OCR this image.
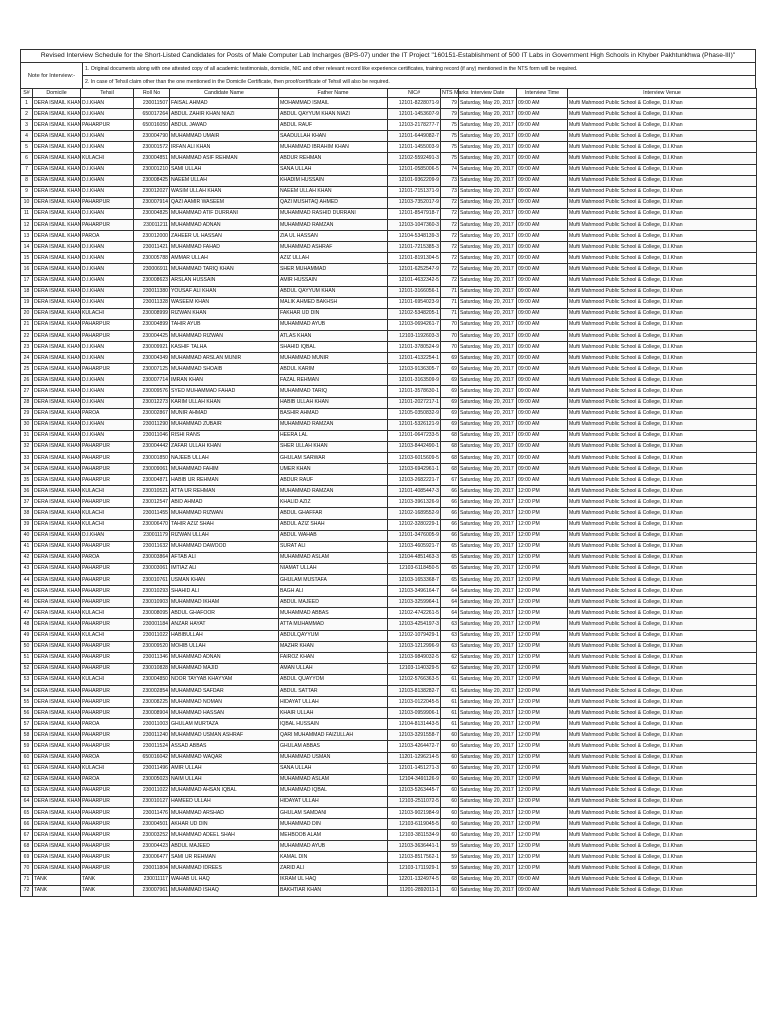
Revised Interview Schedule for the Short-Listed Candidates for Posts of Male Computer Lab Incharges (BPS-07) under the IT Project "160151-Establishment of 500 IT Labs in Government High Schools in Khyber Pakhtunkhwa (Phase-III)"
Note for Interview:-
1. Original documents along with one attested copy of all academic testimonials, domicile, NIC and other relevant record like experience certificates, training record (if any) mentioned in the NTS form will be required.
2. In case of Tehsil claim other than the one mentioned in the Domicile Certificate, then proof/certificate of Tehsil will also be required.
S#	Domicile	Tehsil	Roll No	Candidate Name	Father Name	NIC#	NTS Marks	Interview Date	Interview Time	Interview Venue
1	DERA ISMAIL KHAN	D.I.KHAN	230011507	FAISAL AHMAD	MOHAMMAD ISMAIL	12101-8228071-9	79	Saturday, May 20, 2017	09:00 AM	Mufti Mahmood Public School & College, D.I.Khan
2	DERA ISMAIL KHAN	D.I.KHAN	650017264	ABDUL ZAHIR KHAN NIAZI	ABDUL QAYYUM KHAN NIAZI	12101-1453607-9	79	Saturday, May 20, 2017	09:00 AM	Mufti Mahmood Public School & College, D.I.Khan
3	DERA ISMAIL KHAN	PAHARPUR	650016050	ABDUL JAWAD	ABDUL RAUF	12103-2178277-7	75	Saturday, May 20, 2017	09:00 AM	Mufti Mahmood Public School & College, D.I.Khan
4	DERA ISMAIL KHAN	D.I.KHAN	230004790	MUHAMMAD UMAIR	SAADULLAH KHAN	12101-6449082-7	75	Saturday, May 20, 2017	09:00 AM	Mufti Mahmood Public School & College, D.I.Khan
5	DERA ISMAIL KHAN	D.I.KHAN	230001572	IRFAN ALI KHAN	MUHAMMAD IBRAHIM KHAN	12101-1455003-9	75	Saturday, May 20, 2017	09:00 AM	Mufti Mahmood Public School & College, D.I.Khan
6	DERA ISMAIL KHAN	KULACHI	230004851	MUHAMMAD ASIF REHMAN	ABDUR REHMAN	12102-5592491-3	75	Saturday, May 20, 2017	09:00 AM	Mufti Mahmood Public School & College, D.I.Khan
7	DERA ISMAIL KHAN	D.I.KHAN	230001210	SAMI ULLAH	SANA ULLAH	12101-0585006-5	74	Saturday, May 20, 2017	09:00 AM	Mufti Mahmood Public School & College, D.I.Khan
8	DERA ISMAIL KHAN	D.I.KHAN	230008425	NAEEM ULLAH	KHADIM HUSSAIN	12101-9362209-9	73	Saturday, May 20, 2017	09:00 AM	Mufti Mahmood Public School & College, D.I.Khan
9	DERA ISMAIL KHAN	D.I.KHAN	230012027	WASIM ULLAH KHAN	NAEEM ULLAH KHAN	12101-7151371-9	73	Saturday, May 20, 2017	09:00 AM	Mufti Mahmood Public School & College, D.I.Khan
10	DERA ISMAIL KHAN	PAHARPUR	230007914	QAZI AAMIR WASEEM	QAZI MUSHTAQ AHMED	12103-7352017-9	72	Saturday, May 20, 2017	09:00 AM	Mufti Mahmood Public School & College, D.I.Khan
11	DERA ISMAIL KHAN	D.I.KHAN	230004825	MUHAMMAD ATIF DURRANI	MUHAMMAD RASHID DURRANI	12101-8547918-7	72	Saturday, May 20, 2017	09:00 AM	Mufti Mahmood Public School & College, D.I.Khan
12	DERA ISMAIL KHAN	PAHARPUR	230011211	MUHAMMAD ADNAN	MUHAMMAD RAMZAN	12103-1047360-3	72	Saturday, May 20, 2017	09:00 AM	Mufti Mahmood Public School & College, D.I.Khan
13	DERA ISMAIL KHAN	PAROA	230012000	ZAHEER UL HASSAN	ZIA UL HASSAN	12104-5348139-3	72	Saturday, May 20, 2017	09:00 AM	Mufti Mahmood Public School & College, D.I.Khan
14	DERA ISMAIL KHAN	D.I.KHAN	230011421	MUHAMMAD FAHAD	MUHAMMAD ASHRAF	12101-7215385-3	72	Saturday, May 20, 2017	09:00 AM	Mufti Mahmood Public School & College, D.I.Khan
15	DERA ISMAIL KHAN	D.I.KHAN	230005788	AMMAR ULLAH	AZIZ ULLAH	12101-8191304-5	72	Saturday, May 20, 2017	09:00 AM	Mufti Mahmood Public School & College, D.I.Khan
16	DERA ISMAIL KHAN	D.I.KHAN	230006911	MUHAMMAD TARIQ KHAN	SHER MUHAMMAD	12101-6252547-9	72	Saturday, May 20, 2017	09:00 AM	Mufti Mahmood Public School & College, D.I.Khan
17	DERA ISMAIL KHAN	D.I.KHAN	230008623	ARSLAN HUSSAIN	AMIR HUSSAIN	12101-4632342-5	72	Saturday, May 20, 2017	09:00 AM	Mufti Mahmood Public School & College, D.I.Khan
18	DERA ISMAIL KHAN	D.I.KHAN	230011380	YOUSAF ALI KHAN	ABDUL QAYYUM KHAN	12101-3166056-1	71	Saturday, May 20, 2017	09:00 AM	Mufti Mahmood Public School & College, D.I.Khan
19	DERA ISMAIL KHAN	D.I.KHAN	230011328	WASEEM KHAN	MALIK AHMED BAKHSH	12101-6954023-9	71	Saturday, May 20, 2017	09:00 AM	Mufti Mahmood Public School & College, D.I.Khan
20	DERA ISMAIL KHAN	KULACHI	230008999	RIZWAN KHAN	FAKHAR UD DIN	12102-5348205-1	71	Saturday, May 20, 2017	09:00 AM	Mufti Mahmood Public School & College, D.I.Khan
21	DERA ISMAIL KHAN	PAHARPUR	230004899	TAHIR AYUB	MUHAMMAD AYUB	12103-0694261-7	70	Saturday, May 20, 2017	09:00 AM	Mufti Mahmood Public School & College, D.I.Khan
22	DERA ISMAIL KHAN	PAHARPUR	230004425	MUHAMMAD RIZWAN	ATLAS KHAN	12103-1192603-3	70	Saturday, May 20, 2017	09:00 AM	Mufti Mahmood Public School & College, D.I.Khan
23	DERA ISMAIL KHAN	D.I.KHAN	230009921	KASHIF TALHA	SHAHID IQBAL	12101-3780524-9	70	Saturday, May 20, 2017	09:00 AM	Mufti Mahmood Public School & College, D.I.Khan
24	DERA ISMAIL KHAN	D.I.KHAN	230004349	MUHAMMAD ARSLAN MUNIR	MUHAMMAD MUNIR	12101-4132254-1	69	Saturday, May 20, 2017	09:00 AM	Mufti Mahmood Public School & College, D.I.Khan
25	DERA ISMAIL KHAN	PAHARPUR	230007125	MUHAMMAD SHOAIB	ABDUL KARIM	12103-9136305-7	69	Saturday, May 20, 2017	09:00 AM	Mufti Mahmood Public School & College, D.I.Khan
26	DERA ISMAIL KHAN	D.I.KHAN	230007714	IMRAN KHAN	FAZAL REHMAN	12101-3163509-9	69	Saturday, May 20, 2017	09:00 AM	Mufti Mahmood Public School & College, D.I.Khan
27	DERA ISMAIL KHAN	D.I.KHAN	230009576	SYED MUHAMMAD FAHAD	MUHAMMAD TARIQ	12101-3578630-1	69	Saturday, May 20, 2017	09:00 AM	Mufti Mahmood Public School & College, D.I.Khan
28	DERA ISMAIL KHAN	D.I.KHAN	230012273	KARIM ULLAH KHAN	HABIB ULLAH KHAN	12101-2027217-1	69	Saturday, May 20, 2017	09:00 AM	Mufti Mahmood Public School & College, D.I.Khan
29	DERA ISMAIL KHAN	PAROA	230002867	MUNIR AHMAD	BASHIR AHMAD	12105-0350832-9	69	Saturday, May 20, 2017	09:00 AM	Mufti Mahmood Public School & College, D.I.Khan
30	DERA ISMAIL KHAN	D.I.KHAN	230011290	MUHAMMAD ZUBAIR	MUHAMMAD RAMZAN	12101-5326121-9	69	Saturday, May 20, 2017	09:00 AM	Mufti Mahmood Public School & College, D.I.Khan
31	DERA ISMAIL KHAN	D.I.KHAN	230011046	RISHI RANS	HEERA LAL	12101-0647233-5	68	Saturday, May 20, 2017	09:00 AM	Mufti Mahmood Public School & College, D.I.Khan
32	DERA ISMAIL KHAN	PAHARPUR	230004442	ZAFAR ULLAH KHAN	SHER ULLAH KHAN	12103-8442490-1	68	Saturday, May 20, 2017	09:00 AM	Mufti Mahmood Public School & College, D.I.Khan
33	DERA ISMAIL KHAN	PAHARPUR	230001850	NAJEEB ULLAH	GHULAM SARWAR	12103-6015609-5	68	Saturday, May 20, 2017	09:00 AM	Mufti Mahmood Public School & College, D.I.Khan
34	DERA ISMAIL KHAN	PAHARPUR	230009061	MUHAMMAD FAHIM	UMER KHAN	12103-6942961-1	68	Saturday, May 20, 2017	09:00 AM	Mufti Mahmood Public School & College, D.I.Khan
35	DERA ISMAIL KHAN	PAHARPUR	230004871	HABIB UR REHMAN	ABDUR RAUF	12103-2682221-7	67	Saturday, May 20, 2017	09:00 AM	Mufti Mahmood Public School & College, D.I.Khan
36	DERA ISMAIL KHAN	KULACHI	230010521	ATTA UR REHMAN	MUHAMMAD RAMZAN	12101-4085447-3	66	Saturday, May 20, 2017	12:00 PM	Mufti Mahmood Public School & College, D.I.Khan
37	DERA ISMAIL KHAN	PAHARPUR	230012547	ABID AHMAD	KHALID AZIZ	12103-3961326-9	66	Saturday, May 20, 2017	12:00 PM	Mufti Mahmood Public School & College, D.I.Khan
38	DERA ISMAIL KHAN	KULACHI	230011455	MUHAMMAD RIZWAN	ABDUL GHAFFAR	12102-1689552-9	66	Saturday, May 20, 2017	12:00 PM	Mufti Mahmood Public School & College, D.I.Khan
39	DERA ISMAIL KHAN	KULACHI	230006470	TAHIR AZIZ SHAH	ABDUL AZIZ SHAH	12102-3280229-1	66	Saturday, May 20, 2017	12:00 PM	Mufti Mahmood Public School & College, D.I.Khan
40	DERA ISMAIL KHAN	D.I.KHAN	230011179	RIZWAN ULLAH	ABDUL WAHAB	12101-3476005-9	66	Saturday, May 20, 2017	12:00 PM	Mufti Mahmood Public School & College, D.I.Khan
41	DERA ISMAIL KHAN	PAHARPUR	230011632	MUHAMMAD DAWOOD	SURAT ALI	12103-4605921-7	65	Saturday, May 20, 2017	12:00 PM	Mufti Mahmood Public School & College, D.I.Khan
42	DERA ISMAIL KHAN	PAROA	230003864	AFTAB ALI	MUHAMMAD ASLAM	12104-4851463-3	65	Saturday, May 20, 2017	12:00 PM	Mufti Mahmood Public School & College, D.I.Khan
43	DERA ISMAIL KHAN	PAHARPUR	230003061	IMTIAZ ALI	NIAMAT ULLAH	12103-6118450-5	65	Saturday, May 20, 2017	12:00 PM	Mufti Mahmood Public School & College, D.I.Khan
44	DERA ISMAIL KHAN	PAHARPUR	230010761	USMAN KHAN	GHULAM MUSTAFA	12103-1653368-7	65	Saturday, May 20, 2017	12:00 PM	Mufti Mahmood Public School & College, D.I.Khan
45	DERA ISMAIL KHAN	PAHARPUR	230010293	SHAHID ALI	BAGH ALI	12103-3496164-7	64	Saturday, May 20, 2017	12:00 PM	Mufti Mahmood Public School & College, D.I.Khan
46	DERA ISMAIL KHAN	PAHARPUR	230010903	MUHAMMAD IKHAM	ABDUL MAJEED	12103-3259964-1	64	Saturday, May 20, 2017	12:00 PM	Mufti Mahmood Public School & College, D.I.Khan
47	DERA ISMAIL KHAN	KULACHI	230008095	ABDUL GHAFOOR	MUHAMMAD ABBAS	12102-4742261-5	64	Saturday, May 20, 2017	12:00 PM	Mufti Mahmood Public School & College, D.I.Khan
48	DERA ISMAIL KHAN	PAHARPUR	230001184	ANZAR HAYAT	ATTA MUHAMMAD	12103-4254197-3	63	Saturday, May 20, 2017	12:00 PM	Mufti Mahmood Public School & College, D.I.Khan
49	DERA ISMAIL KHAN	KULACHI	230011022	HABIBULLAH	ABDULQAYYUM	12102-1079429-1	63	Saturday, May 20, 2017	12:00 PM	Mufti Mahmood Public School & College, D.I.Khan
50	DERA ISMAIL KHAN	PAHARPUR	230009520	MOHIB ULLAH	MAZHR KHAN	12103-1212996-9	63	Saturday, May 20, 2017	12:00 PM	Mufti Mahmood Public School & College, D.I.Khan
51	DERA ISMAIL KHAN	PAHARPUR	230011346	MUHAMMAD ADNAN	FAIROZ KHAN	12103-9849032-5	62	Saturday, May 20, 2017	12:00 PM	Mufti Mahmood Public School & College, D.I.Khan
52	DERA ISMAIL KHAN	PAHARPUR	230010828	MUHAMMAD MAJID	AMAN ULLAH	12103-1140329-5	62	Saturday, May 20, 2017	12:00 PM	Mufti Mahmood Public School & College, D.I.Khan
53	DERA ISMAIL KHAN	KULACHI	230004850	NOOR TAYYAB KHAYYAM	ABDUL QUAYYOM	12102-5766363-5	61	Saturday, May 20, 2017	12:00 PM	Mufti Mahmood Public School & College, D.I.Khan
54	DERA ISMAIL KHAN	PAHARPUR	230002854	MUHAMMAD SAFDAR	ABDUL SATTAR	12103-8138282-7	61	Saturday, May 20, 2017	12:00 PM	Mufti Mahmood Public School & College, D.I.Khan
55	DERA ISMAIL KHAN	PAHARPUR	230008225	MUHAMMAD NOMAN	HIDAYAT ULLAH	12103-0122045-5	61	Saturday, May 20, 2017	12:00 PM	Mufti Mahmood Public School & College, D.I.Khan
56	DERA ISMAIL KHAN	PAHARPUR	230008904	MUHAMMAD HASSAN	KHAIR ULLAH	12103-0959906-1	61	Saturday, May 20, 2017	12:00 PM	Mufti Mahmood Public School & College, D.I.Khan
57	DERA ISMAIL KHAN	PAROA	230011003	GHULAM MURTAZA	IQBAL HUSSAIN	12104-8131443-5	61	Saturday, May 20, 2017	12:00 PM	Mufti Mahmood Public School & College, D.I.Khan
58	DERA ISMAIL KHAN	PAHARPUR	230011240	MUHAMMAD USMAN ASHRAF	QARI MUHAMMAD FAIZULLAH	12103-3291558-7	60	Saturday, May 20, 2017	12:00 PM	Mufti Mahmood Public School & College, D.I.Khan
59	DERA ISMAIL KHAN	PAHARPUR	230011524	ASSAD ABBAS	GHULAM ABBAS	12103-4264472-7	60	Saturday, May 20, 2017	12:00 PM	Mufti Mahmood Public School & College, D.I.Khan
60	DERA ISMAIL KHAN	PAROA	650016042	MUHAMMAD WAQAR	MUHAMMAD USMAN	11201-1296214-5	60	Saturday, May 20, 2017	12:00 PM	Mufti Mahmood Public School & College, D.I.Khan
61	DERA ISMAIL KHAN	KULACHI	230011496	AMIR ULLAH	SANA ULLAH	12101-1451271-3	60	Saturday, May 20, 2017	12:00 PM	Mufti Mahmood Public School & College, D.I.Khan
62	DERA ISMAIL KHAN	PAROA	230005023	NAIM ULLAH	MUHAMMAD ASLAM	12104-3491126-9	60	Saturday, May 20, 2017	12:00 PM	Mufti Mahmood Public School & College, D.I.Khan
63	DERA ISMAIL KHAN	PAHARPUR	230011022	MUHAMMAD AHSAN IQBAL	MUHAMMAD IQBAL	12103-5263445-7	60	Saturday, May 20, 2017	12:00 PM	Mufti Mahmood Public School & College, D.I.Khan
64	DERA ISMAIL KHAN	PAHARPUR	230010127	HAMEED ULLAH	HIDAYAT ULLAH	12103-2511072-5	60	Saturday, May 20, 2017	12:00 PM	Mufti Mahmood Public School & College, D.I.Khan
65	DERA ISMAIL KHAN	PAHARPUR	230011476	MUHAMMAD ARSHAD	GHULAM SAMDANI	12103-9021984-9	60	Saturday, May 20, 2017	12:00 PM	Mufti Mahmood Public School & College, D.I.Khan
66	DERA ISMAIL KHAN	PAHARPUR	230004501	AKHAR UD DIN	MUHAMMAD DIN	12103-6119045-5	60	Saturday, May 20, 2017	12:00 PM	Mufti Mahmood Public School & College, D.I.Khan
67	DERA ISMAIL KHAN	PAHARPUR	230003252	MUHAMMAD ADEEL SHAH	MEHBOOB ALAM	12103-3811534-9	60	Saturday, May 20, 2017	12:00 PM	Mufti Mahmood Public School & College, D.I.Khan
68	DERA ISMAIL KHAN	PAHARPUR	230004423	ABDUL MAJEED	MUHAMMAD AYUB	12103-3636441-1	59	Saturday, May 20, 2017	12:00 PM	Mufti Mahmood Public School & College, D.I.Khan
69	DERA ISMAIL KHAN	PAHARPUR	230006477	SAMI UR REHMAN	KAMAL DIN	12103-8517562-1	59	Saturday, May 20, 2017	12:00 PM	Mufti Mahmood Public School & College, D.I.Khan
70	DERA ISMAIL KHAN	PAHARPUR	230011804	MUHAMMAD IDREES	ZARID ALI	12103-1711929-1	59	Saturday, May 20, 2017	12:00 PM	Mufti Mahmood Public School & College, D.I.Khan
71	TANK	TANK	230011117	WAHAB UL HAQ	IKRAM UL HAQ	12201-1324974-5	68	Saturday, May 20, 2017	09:00 AM	Mufti Mahmood Public School & College, D.I.Khan
72	TANK	TANK	230007961	MUHAMMAD ISHAQ	BAKHTIAR KHAN	11201-2892011-1	60	Saturday, May 20, 2017	09:00 AM	Mufti Mahmood Public School & College, D.I.Khan
